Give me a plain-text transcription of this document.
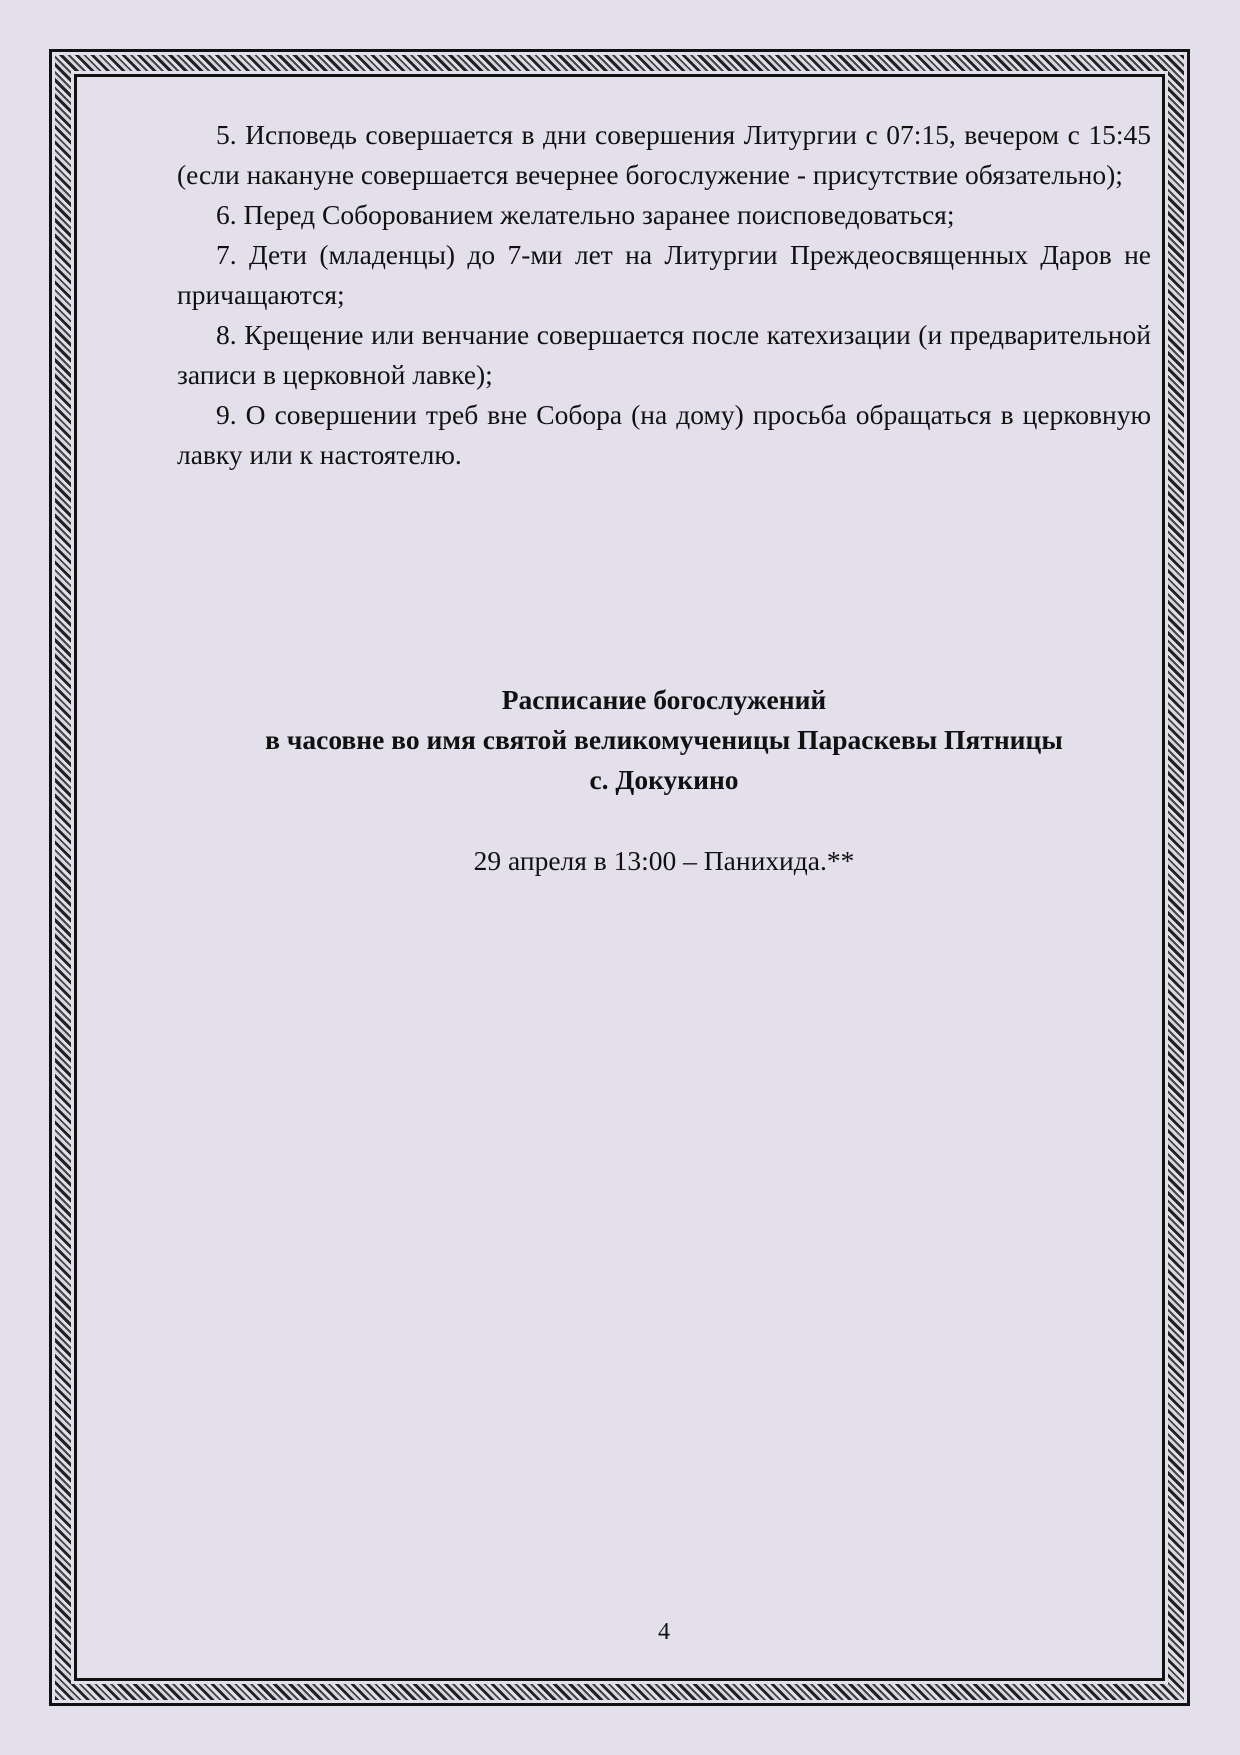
5. Исповедь совершается в дни совершения Литургии с 07:15, вечером с 15:45 (если накануне совершается вечернее богослужение - присутствие обязательно);

6. Перед Соборованием желательно заранее поисповедоваться;

7. Дети (младенцы) до 7-ми лет на Литургии Преждеосвященных Даров не причащаются;

8. Крещение или венчание совершается после катехизации (и предварительной записи в церковной лавке);

9. О совершении треб вне Собора (на дому) просьба обращаться в церковную лавку или к настоятелю.

Расписание богослужений
в часовне во имя святой великомученицы Параскевы Пятницы
с. Докукино
29 апреля в 13:00 – Панихида.**
4
